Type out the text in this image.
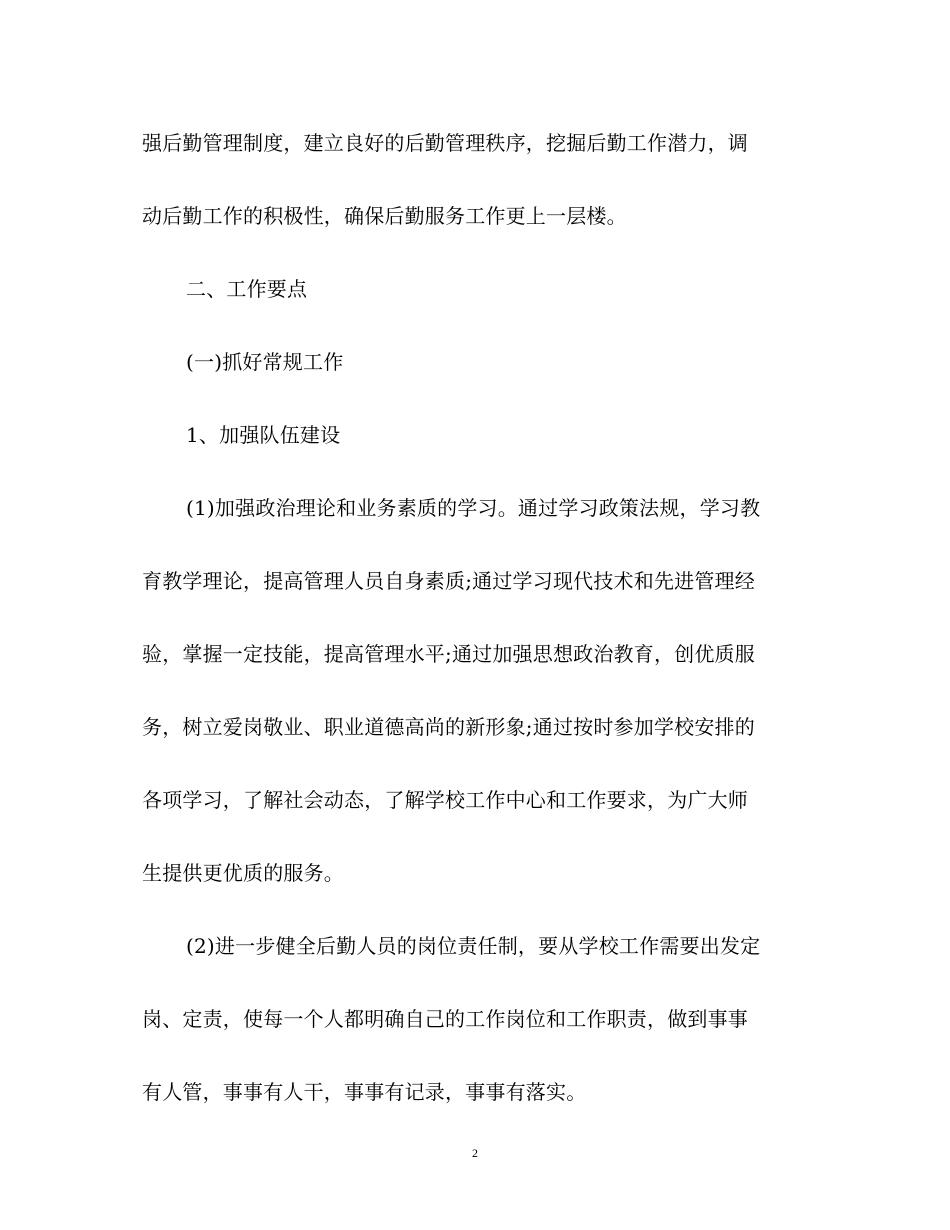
强后勤管理制度，建立良好的后勤管理秩序，挖掘后勤工作潜力，调
动后勤工作的积极性，确保后勤服务工作更上一层楼。
二、工作要点
(一)抓好常规工作
1、加强队伍建设
(1)加强政治理论和业务素质的学习。通过学习政策法规，学习教
育教学理论，提高管理人员自身素质;通过学习现代技术和先进管理经
验，掌握一定技能，提高管理水平;通过加强思想政治教育，创优质服
务，树立爱岗敬业、职业道德高尚的新形象;通过按时参加学校安排的
各项学习，了解社会动态，了解学校工作中心和工作要求，为广大师
生提供更优质的服务。
(2)进一步健全后勤人员的岗位责任制，要从学校工作需要出发定
岗、定责，使每一个人都明确自己的工作岗位和工作职责，做到事事
有人管，事事有人干，事事有记录，事事有落实。
2
